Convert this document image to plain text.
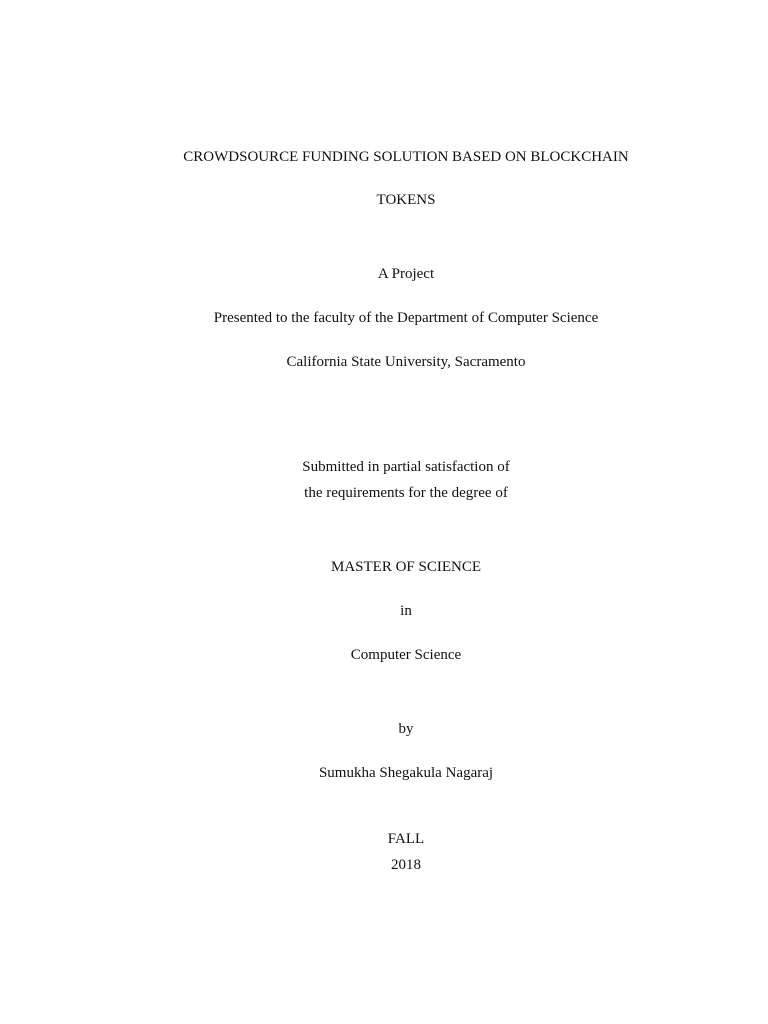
CROWDSOURCE FUNDING SOLUTION BASED ON BLOCKCHAIN
TOKENS
A Project
Presented to the faculty of the Department of Computer Science
California State University, Sacramento
Submitted in partial satisfaction of
the requirements for the degree of
MASTER OF SCIENCE
in
Computer Science
by
Sumukha Shegakula Nagaraj
FALL
2018
